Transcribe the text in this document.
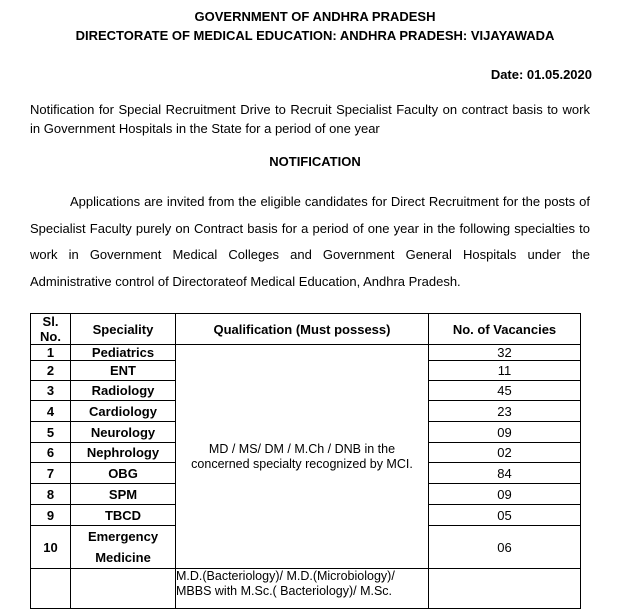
GOVERNMENT OF ANDHRA PRADESH
DIRECTORATE OF MEDICAL EDUCATION: ANDHRA PRADESH: VIJAYAWADA
Date: 01.05.2020
Notification for Special Recruitment Drive to Recruit Specialist Faculty on contract basis to work in Government Hospitals in the State for a period of one year
NOTIFICATION
Applications are invited from the eligible candidates for Direct Recruitment for the posts of Specialist Faculty purely on Contract basis for a period of one year in the following specialties to work in Government Medical Colleges and Government General Hospitals under the Administrative control of Directorateof Medical Education, Andhra Pradesh.
Sl. No.	Speciality	Qualification (Must possess)	No. of Vacancies
1	Pediatrics	MD / MS/ DM / M.Ch / DNB in the concerned specialty recognized by MCI.	32
2	ENT		11
3	Radiology		45
4	Cardiology		23
5	Neurology		09
6	Nephrology		02
7	OBG		84
8	SPM		09
9	TBCD		05
10	Emergency Medicine		06

		M.D.(Bacteriology)/ M.D.(Microbiology)/
MBBS with M.Sc.( Bacteriology)/ M.Sc.	
